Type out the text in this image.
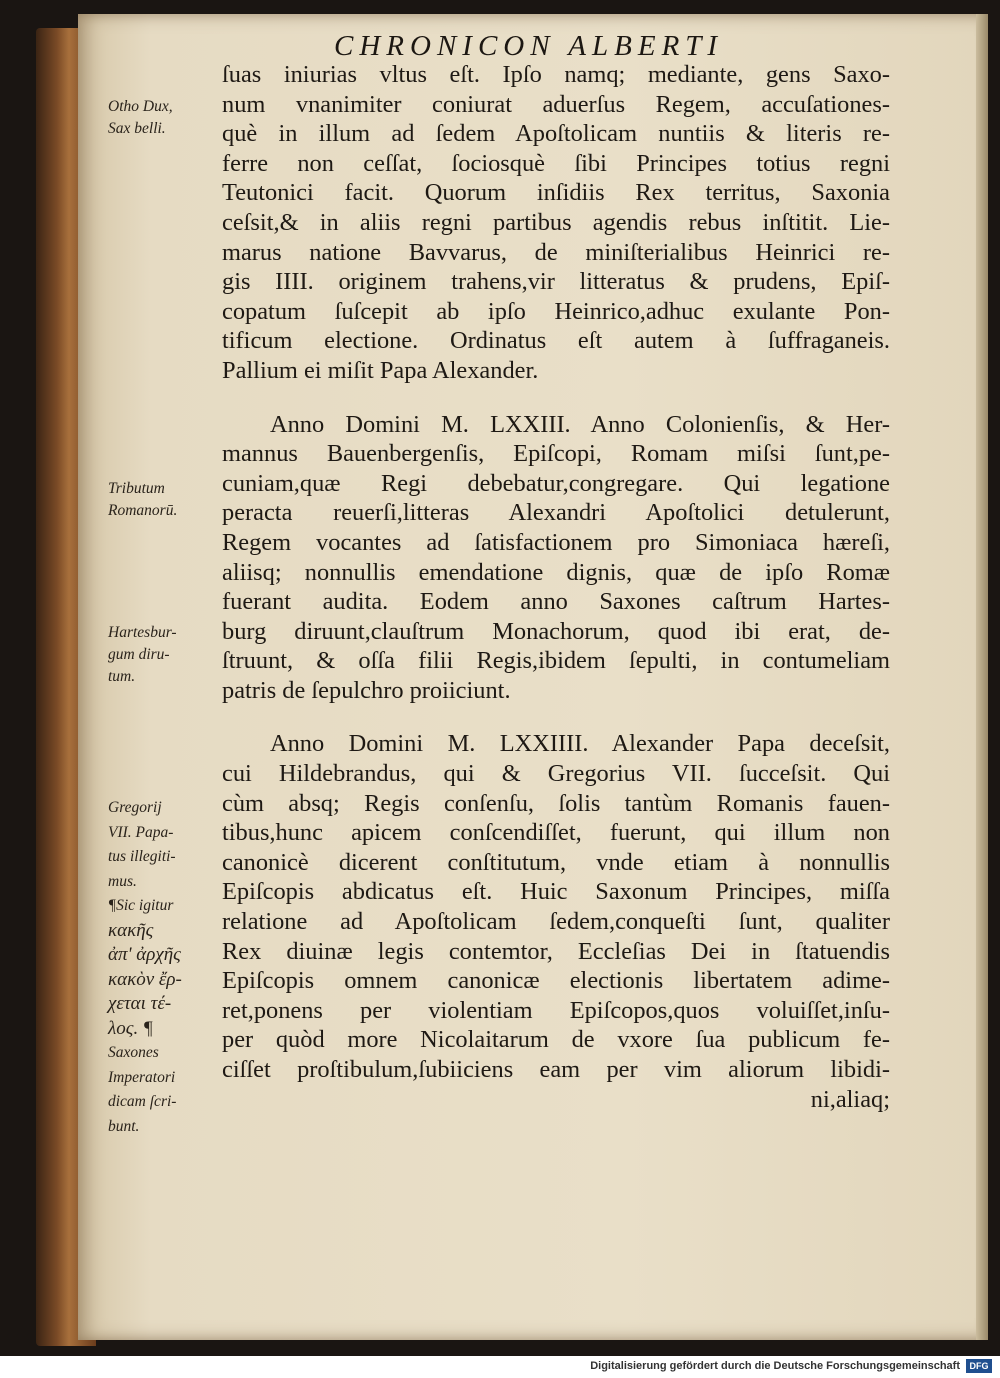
CHRONICON ALBERTI
ſuas iniurias vltus eſt. Ipſo namq; mediante, gens Saxo-
num vnanimiter coniurat aduerſus Regem, accuſationes-
què in illum ad ſedem Apoſtolicam nuntiis & literis re-
ferre non ceſſat, ſociosquè ſibi Principes totius regni
Teutonici facit. Quorum inſidiis Rex territus, Saxonia
ceſsit,& in aliis regni partibus agendis rebus inſtitit. Lie-
marus natione Bavvarus, de miniſterialibus Heinrici re-
gis IIII. originem trahens,vir litteratus & prudens, Epiſ-
copatum ſuſcepit ab ipſo Heinrico,adhuc exulante Pon-
tificum electione. Ordinatus eſt autem à ſuffraganeis.
Pallium ei miſit Papa Alexander.
Anno Domini M. LXXIII. Anno Colonienſis, & Her-
mannus Bauenbergenſis, Epiſcopi, Romam miſsi ſunt,pe-
cuniam,quæ Regi debebatur,congregare. Qui legatione
peracta reuerſi,litteras Alexandri Apoſtolici detulerunt,
Regem vocantes ad ſatisfactionem pro Simoniaca hæreſi,
aliisq; nonnullis emendatione dignis, quæ de ipſo Romæ
fuerant audita. Eodem anno Saxones caſtrum Hartes-
burg diruunt,clauſtrum Monachorum, quod ibi erat, de-
ſtruunt, & oſſa filii Regis,ibidem ſepulti, in contumeliam
patris de ſepulchro proiiciunt.
Anno Domini M. LXXIIII. Alexander Papa deceſsit,
cui Hildebrandus, qui & Gregorius VII. ſucceſsit. Qui
cùm absq; Regis conſenſu, ſolis tantùm Romanis fauen-
tibus,hunc apicem conſcendiſſet, fuerunt, qui illum non
canonicè dicerent conſtitutum, vnde etiam à nonnullis
Epiſcopis abdicatus eſt. Huic Saxonum Principes, miſſa
relatione ad Apoſtolicam ſedem,conqueſti ſunt, qualiter
Rex diuinæ legis contemtor, Eccleſias Dei in ſtatuendis
Epiſcopis omnem canonicæ electionis libertatem adime-
ret,ponens per violentiam Epiſcopos,quos voluiſſet,inſu-
per quòd more Nicolaitarum de vxore ſua publicum fe-
ciſſet proſtibulum,ſubiiciens eam per vim aliorum libidi-
ni,aliaq;
Otho Dux,
Sax belli.
Tributum
Romanorū.
Hartesbur-
gum diru-
tum.
Gregorij
VII. Papa-
tus illegiti-
mus.
¶Sic igitur
κακῆς
ἀπ' ἀρχῆς
κακὸν ἔρ-
χεται τέ-
λος. ¶
Saxones
Imperatori
dicam ſcri-
bunt.
Digitalisierung gefördert durch die Deutsche Forschungsgemeinschaft	DFG
